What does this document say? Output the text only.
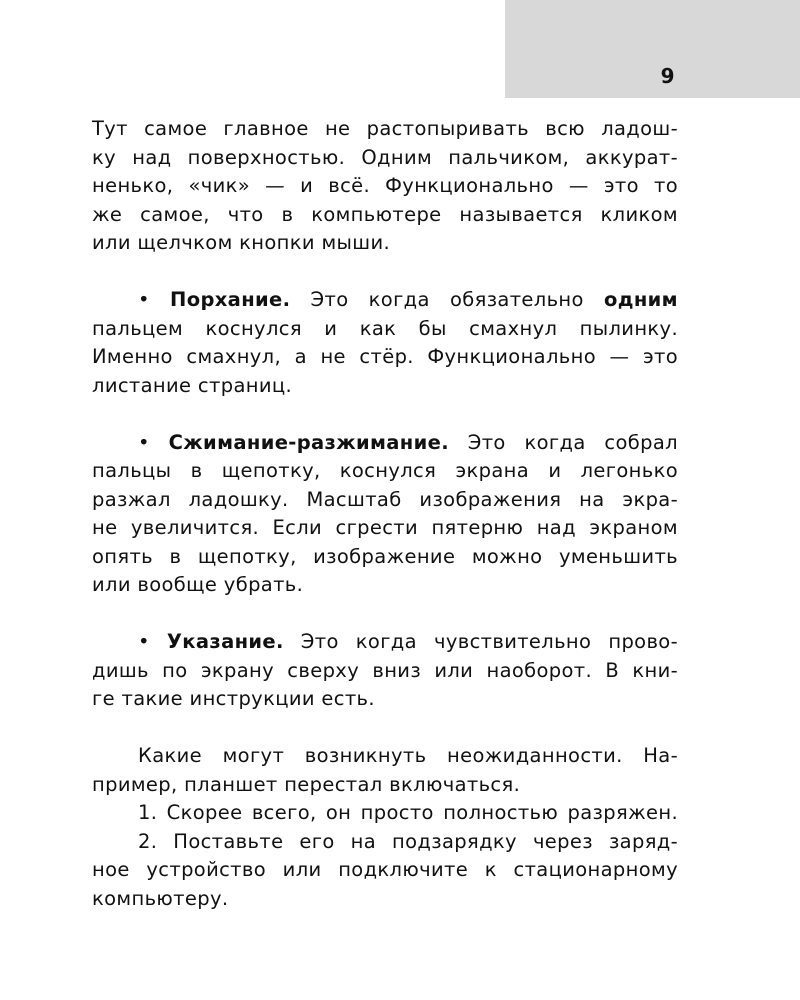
9
Тут самое главное не растопыривать всю ладош-
ку над поверхностью. Одним пальчиком, аккурат-
ненько, «чик» — и всё. Функционально — это то
же самое, что в компьютере называется кликом
или щелчком кнопки мыши.
• Порхание. Это когда обязательно одним
пальцем коснулся и как бы смахнул пылинку.
Именно смахнул, а не стёр. Функционально — это
листание страниц.
• Сжимание-разжимание. Это когда собрал
пальцы в щепотку, коснулся экрана и легонько
разжал ладошку. Масштаб изображения на экра-
не увеличится. Если сгрести пятерню над экраном
опять в щепотку, изображение можно уменьшить
или вообще убрать.
• Указание. Это когда чувствительно прово-
дишь по экрану сверху вниз или наоборот. В кни-
ге такие инструкции есть.
Какие могут возникнуть неожиданности. На-
пример, планшет перестал включаться.
1. Скорее всего, он просто полностью разряжен.
2. Поставьте его на подзарядку через заряд-
ное устройство или подключите к стационарному
компьютеру.
